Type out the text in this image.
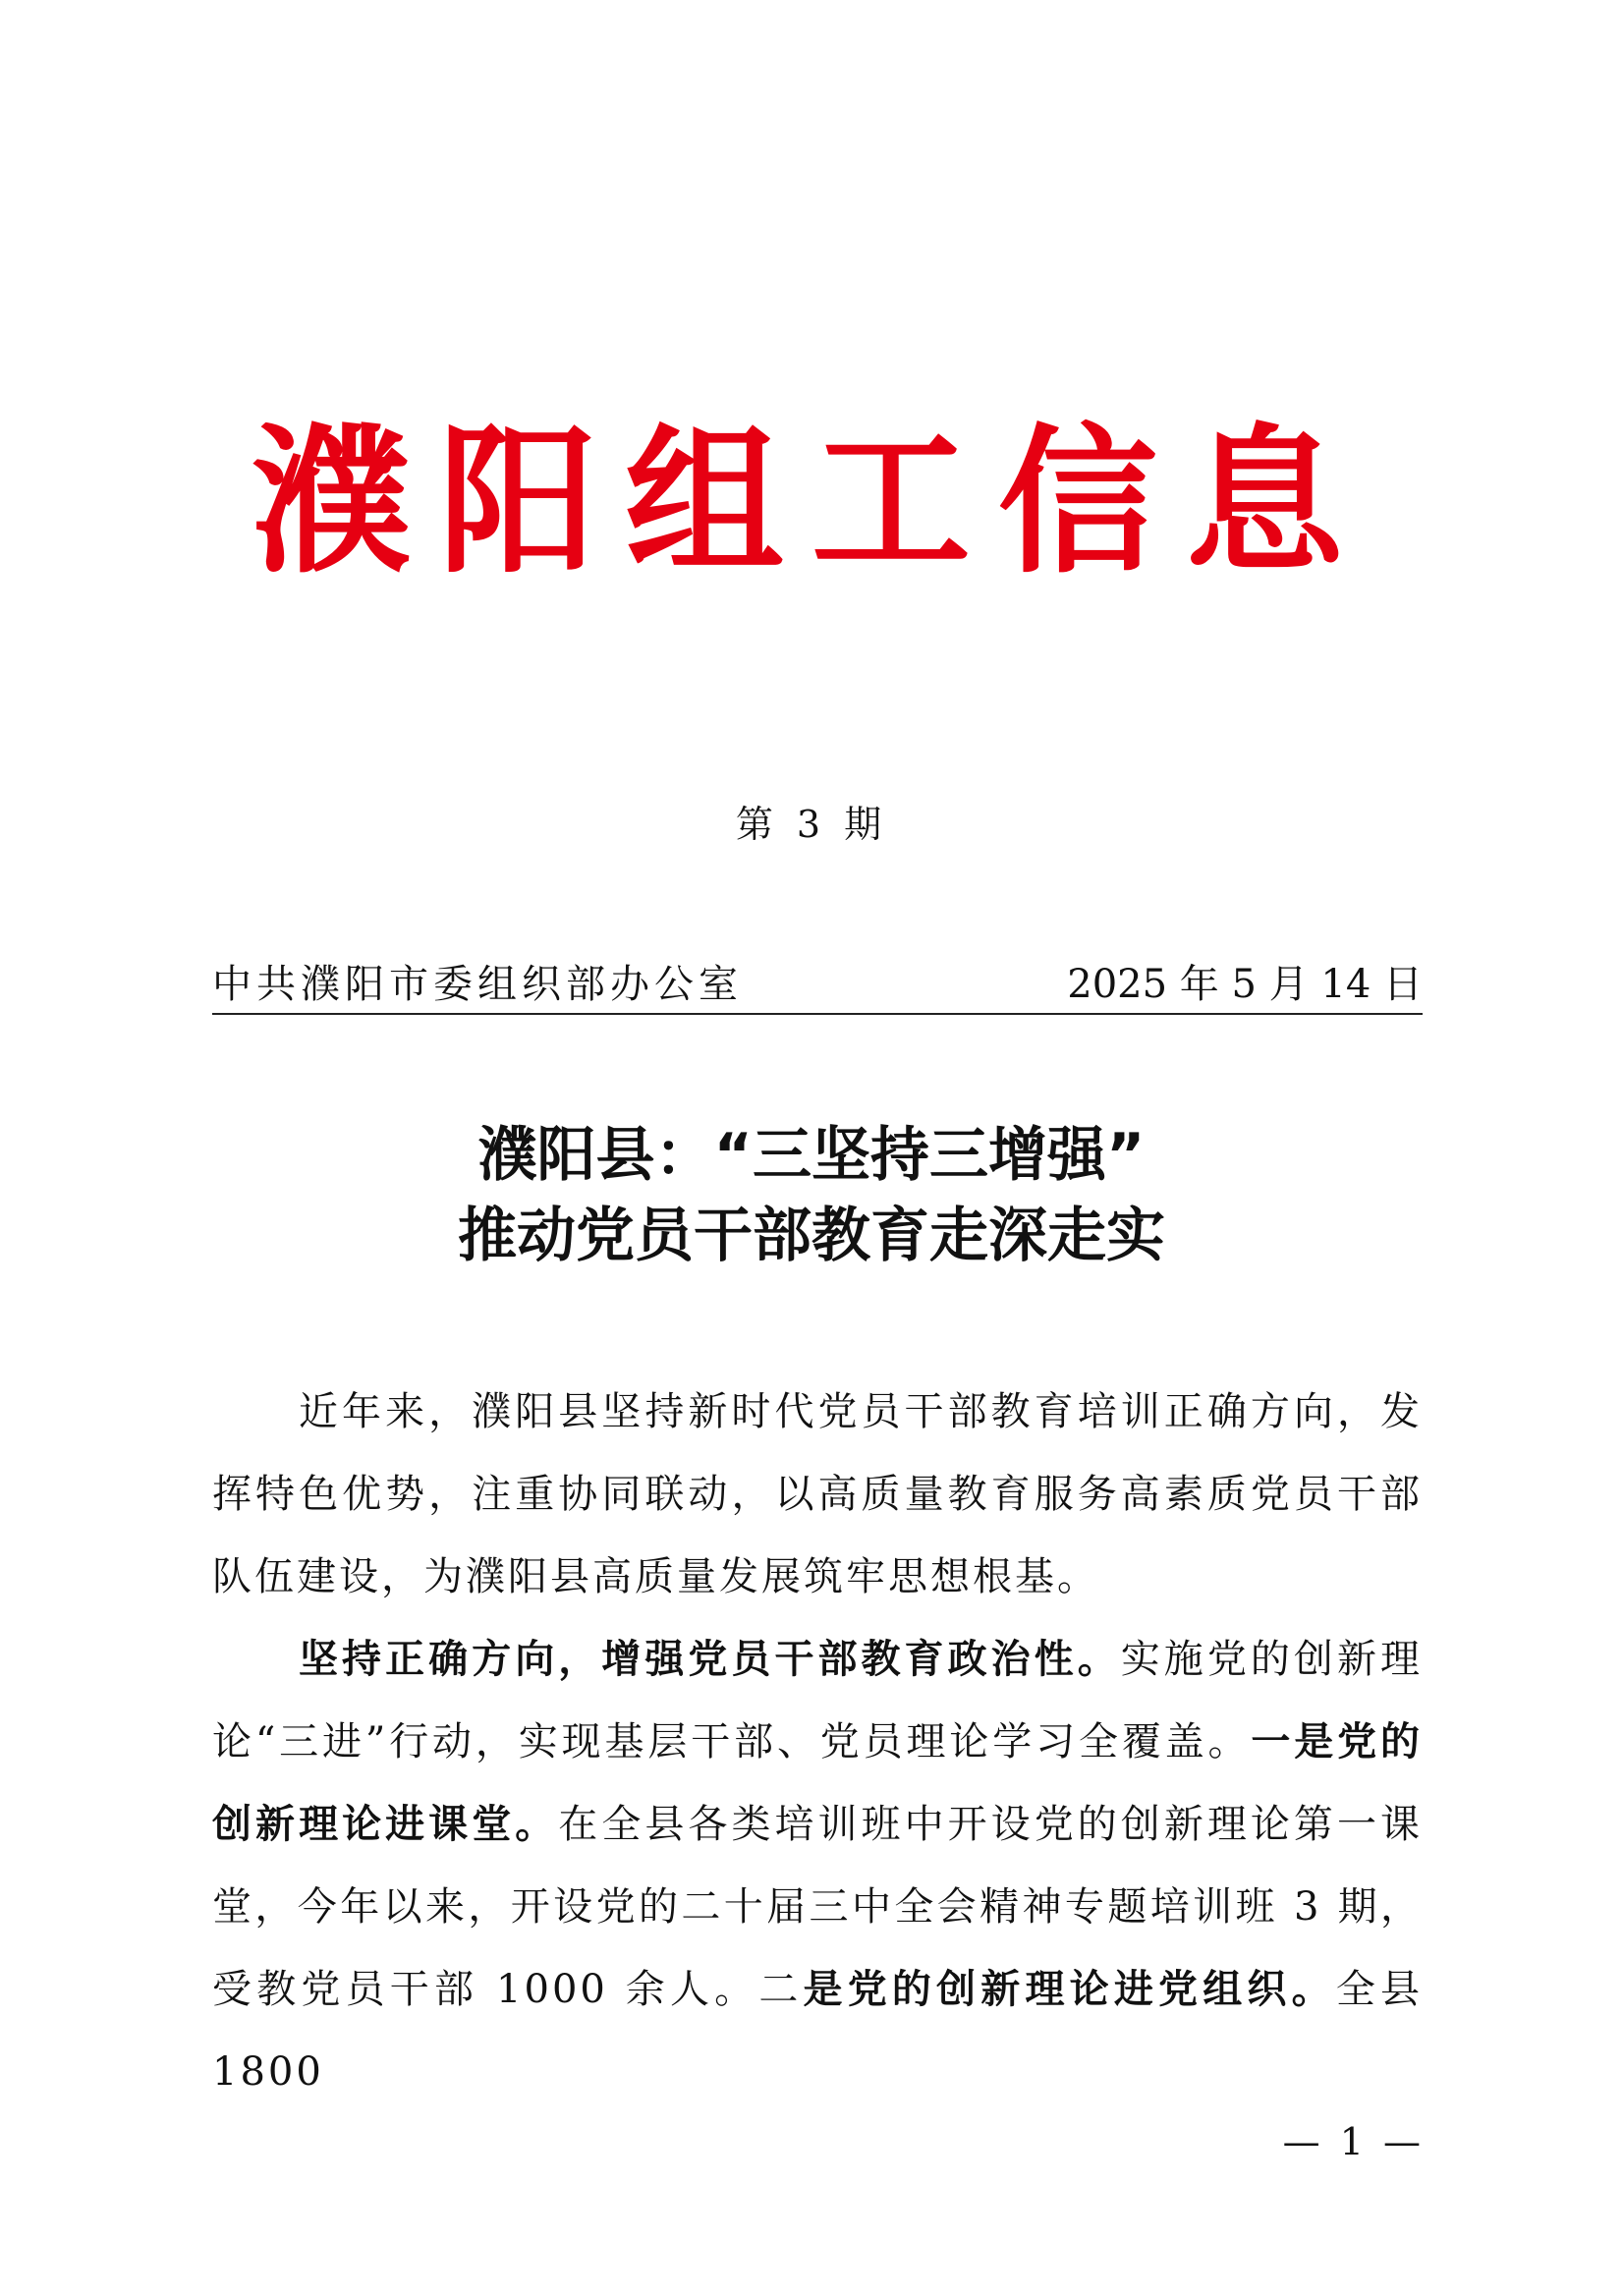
濮阳组工信息
第 3 期
中共濮阳市委组织部办公室	2025 年 5 月 14 日
濮阳县：“三坚持三增强”
推动党员干部教育走深走实

近年来，濮阳县坚持新时代党员干部教育培训正确方向，发挥特色优势，注重协同联动，以高质量教育服务高素质党员干部队伍建设，为濮阳县高质量发展筑牢思想根基。

坚持正确方向，增强党员干部教育政治性。实施党的创新理论“三进”行动，实现基层干部、党员理论学习全覆盖。一是党的创新理论进课堂。在全县各类培训班中开设党的创新理论第一课堂，今年以来，开设党的二十届三中全会精神专题培训班 3 期，受教党员干部 1000 余人。二是党的创新理论进党组织。全县 1800

— 1 —
